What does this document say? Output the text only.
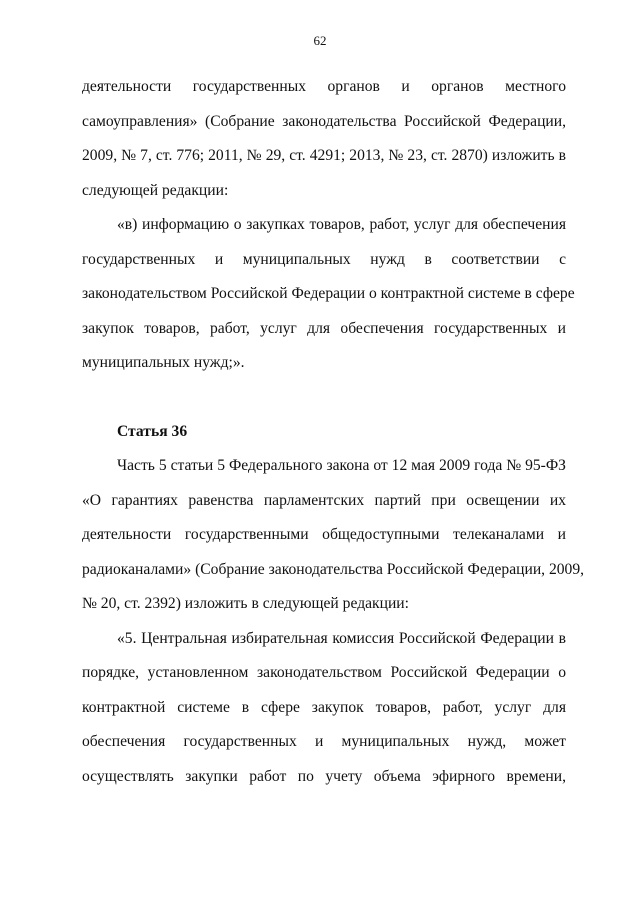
62
деятельности государственных органов и органов местного
самоуправления» (Собрание законодательства Российской Федерации,
2009, № 7, ст. 776; 2011, № 29, ст. 4291; 2013, № 23, ст. 2870) изложить в
следующей редакции:
«в) информацию о закупках товаров, работ, услуг для обеспечения
государственных и муниципальных нужд в соответствии с
законодательством Российской Федерации о контрактной системе в сфере
закупок товаров, работ, услуг для обеспечения государственных и
муниципальных нужд;».
Статья 36
Часть 5 статьи 5 Федерального закона от 12 мая 2009 года № 95-ФЗ
«О гарантиях равенства парламентских партий при освещении их
деятельности государственными общедоступными телеканалами и
радиоканалами» (Собрание законодательства Российской Федерации, 2009,
№ 20, ст. 2392) изложить в следующей редакции:
«5. Центральная избирательная комиссия Российской Федерации в
порядке, установленном законодательством Российской Федерации о
контрактной системе в сфере закупок товаров, работ, услуг для
обеспечения государственных и муниципальных нужд, может
осуществлять закупки работ по учету объема эфирного времени,
